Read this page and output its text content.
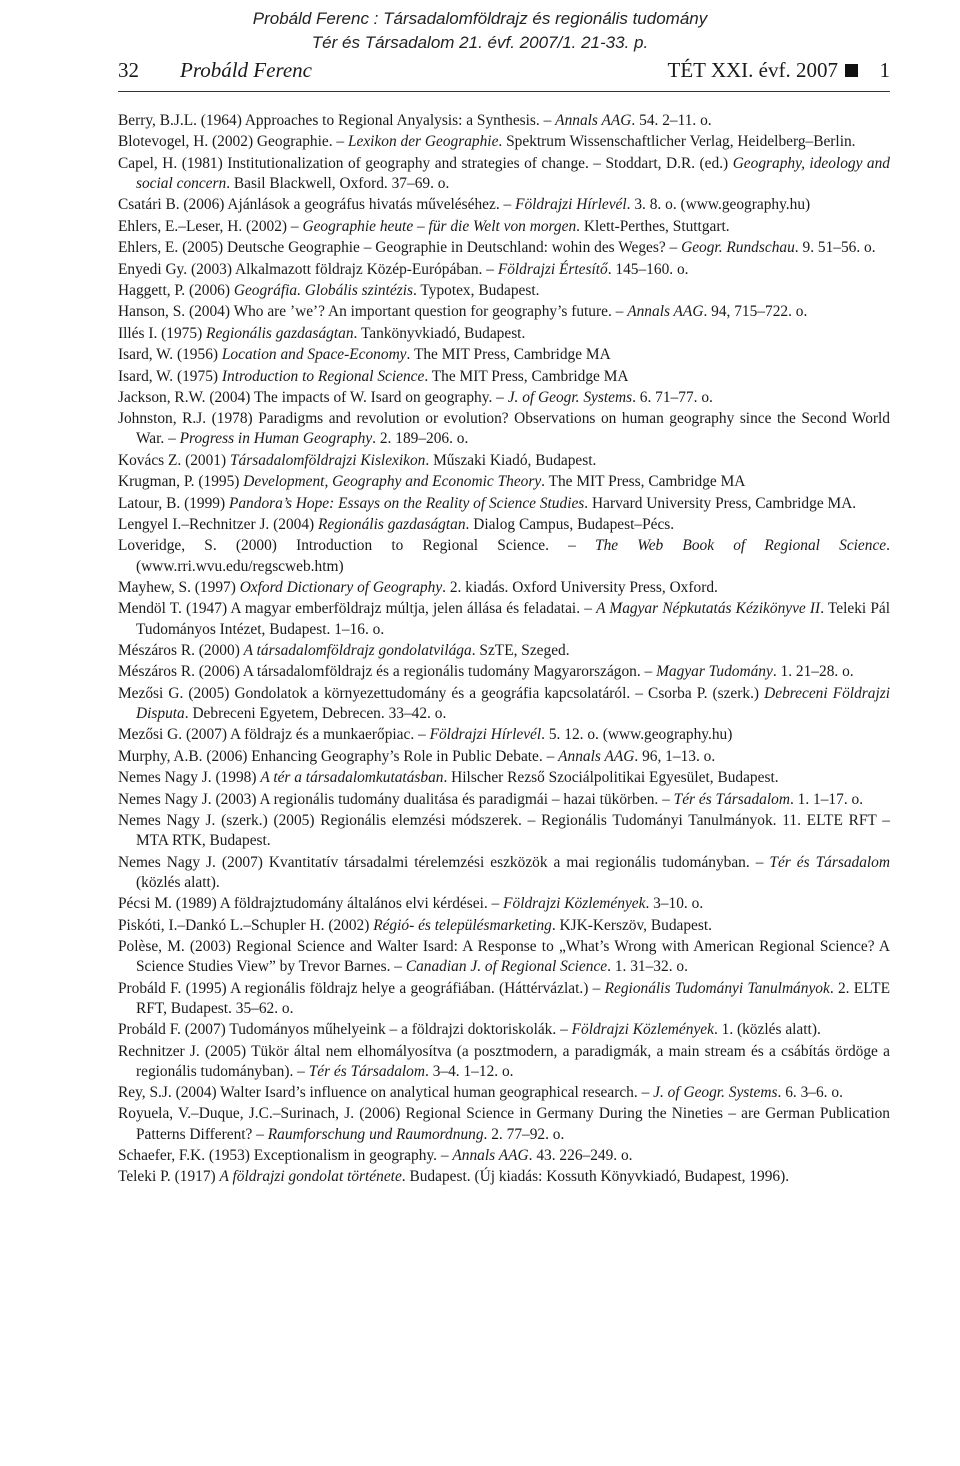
Probáld Ferenc : Társadalomföldrajz és regionális tudomány
Tér és Társadalom 21. évf. 2007/1. 21-33. p.
32 Probáld Ferenc	TÉT XXI. évf. 2007 1

Berry, B.J.L. (1964) Approaches to Regional Anyalysis: a Synthesis. – Annals AAG. 54. 2–11. o.

Blotevogel, H. (2002) Geographie. – Lexikon der Geographie. Spektrum Wissenschaftlicher Verlag, Heidelberg–Berlin.

Capel, H. (1981) Institutionalization of geography and strategies of change. – Stoddart, D.R. (ed.) Geography, ideology and social concern. Basil Blackwell, Oxford. 37–69. o.

Csatári B. (2006) Ajánlások a geográfus hivatás műveléséhez. – Földrajzi Hírlevél. 3. 8. o. (www.geography.hu)

Ehlers, E.–Leser, H. (2002) – Geographie heute – für die Welt von morgen. Klett-Perthes, Stuttgart.

Ehlers, E. (2005) Deutsche Geographie – Geographie in Deutschland: wohin des Weges? – Geogr. Rundschau. 9. 51–56. o.

Enyedi Gy. (2003) Alkalmazott földrajz Közép-Európában. – Földrajzi Értesítő. 145–160. o.

Haggett, P. (2006) Geográfia. Globális szintézis. Typotex, Budapest.

Hanson, S. (2004) Who are ’we’? An important question for geography’s future. – Annals AAG. 94, 715–722. o.

Illés I. (1975) Regionális gazdaságtan. Tankönyvkiadó, Budapest.

Isard, W. (1956) Location and Space-Economy. The MIT Press, Cambridge MA

Isard, W. (1975) Introduction to Regional Science. The MIT Press, Cambridge MA

Jackson, R.W. (2004) The impacts of W. Isard on geography. – J. of Geogr. Systems. 6. 71–77. o.

Johnston, R.J. (1978) Paradigms and revolution or evolution? Observations on human geography since the Second World War. – Progress in Human Geography. 2. 189–206. o.

Kovács Z. (2001) Társadalomföldrajzi Kislexikon. Műszaki Kiadó, Budapest.

Krugman, P. (1995) Development, Geography and Economic Theory. The MIT Press, Cambridge MA

Latour, B. (1999) Pandora’s Hope: Essays on the Reality of Science Studies. Harvard University Press, Cambridge MA.

Lengyel I.–Rechnitzer J. (2004) Regionális gazdaságtan. Dialog Campus, Budapest–Pécs.

Loveridge, S. (2000) Introduction to Regional Science. – The Web Book of Regional Science. (www.rri.wvu.edu/regscweb.htm)

Mayhew, S. (1997) Oxford Dictionary of Geography. 2. kiadás. Oxford University Press, Oxford.

Mendöl T. (1947) A magyar emberföldrajz múltja, jelen állása és feladatai. – A Magyar Népkutatás Kézikönyve II. Teleki Pál Tudományos Intézet, Budapest. 1–16. o.

Mészáros R. (2000) A társadalomföldrajz gondolatvilága. SzTE, Szeged.

Mészáros R. (2006) A társadalomföldrajz és a regionális tudomány Magyarországon. – Magyar Tudomány. 1. 21–28. o.

Mezősi G. (2005) Gondolatok a környezettudomány és a geográfia kapcsolatáról. – Csorba P. (szerk.) Debreceni Földrajzi Disputa. Debreceni Egyetem, Debrecen. 33–42. o.

Mezősi G. (2007) A földrajz és a munkaerőpiac. – Földrajzi Hírlevél. 5. 12. o. (www.geography.hu)

Murphy, A.B. (2006) Enhancing Geography’s Role in Public Debate. – Annals AAG. 96, 1–13. o.

Nemes Nagy J. (1998) A tér a társadalomkutatásban. Hilscher Rezső Szociálpolitikai Egyesület, Budapest.

Nemes Nagy J. (2003) A regionális tudomány dualitása és paradigmái – hazai tükörben. – Tér és Társadalom. 1. 1–17. o.

Nemes Nagy J. (szerk.) (2005) Regionális elemzési módszerek. – Regionális Tudományi Tanulmányok. 11. ELTE RFT – MTA RTK, Budapest.

Nemes Nagy J. (2007) Kvantitatív társadalmi térelemzési eszközök a mai regionális tudományban. – Tér és Társadalom (közlés alatt).

Pécsi M. (1989) A földrajztudomány általános elvi kérdései. – Földrajzi Közlemények. 3–10. o.

Piskóti, I.–Dankó L.–Schupler H. (2002) Régió- és településmarketing. KJK-Kerszöv, Budapest.

Polèse, M. (2003) Regional Science and Walter Isard: A Response to „What’s Wrong with American Regional Science? A Science Studies View” by Trevor Barnes. – Canadian J. of Regional Science. 1. 31–32. o.

Probáld F. (1995) A regionális földrajz helye a geográfiában. (Háttérvázlat.) – Regionális Tudományi Tanulmányok. 2. ELTE RFT, Budapest. 35–62. o.

Probáld F. (2007) Tudományos műhelyeink – a földrajzi doktoriskolák. – Földrajzi Közlemények. 1. (közlés alatt).

Rechnitzer J. (2005) Tükör által nem elhomályosítva (a posztmodern, a paradigmák, a main stream és a csábítás ördöge a regionális tudományban). – Tér és Társadalom. 3–4. 1–12. o.

Rey, S.J. (2004) Walter Isard’s influence on analytical human geographical research. – J. of Geogr. Systems. 6. 3–6. o.

Royuela, V.–Duque, J.C.–Surinach, J. (2006) Regional Science in Germany During the Nineties – are German Publication Patterns Different? – Raumforschung und Raumordnung. 2. 77–92. o.

Schaefer, F.K. (1953) Exceptionalism in geography. – Annals AAG. 43. 226–249. o.

Teleki P. (1917) A földrajzi gondolat története. Budapest. (Új kiadás: Kossuth Könyvkiadó, Budapest, 1996).
